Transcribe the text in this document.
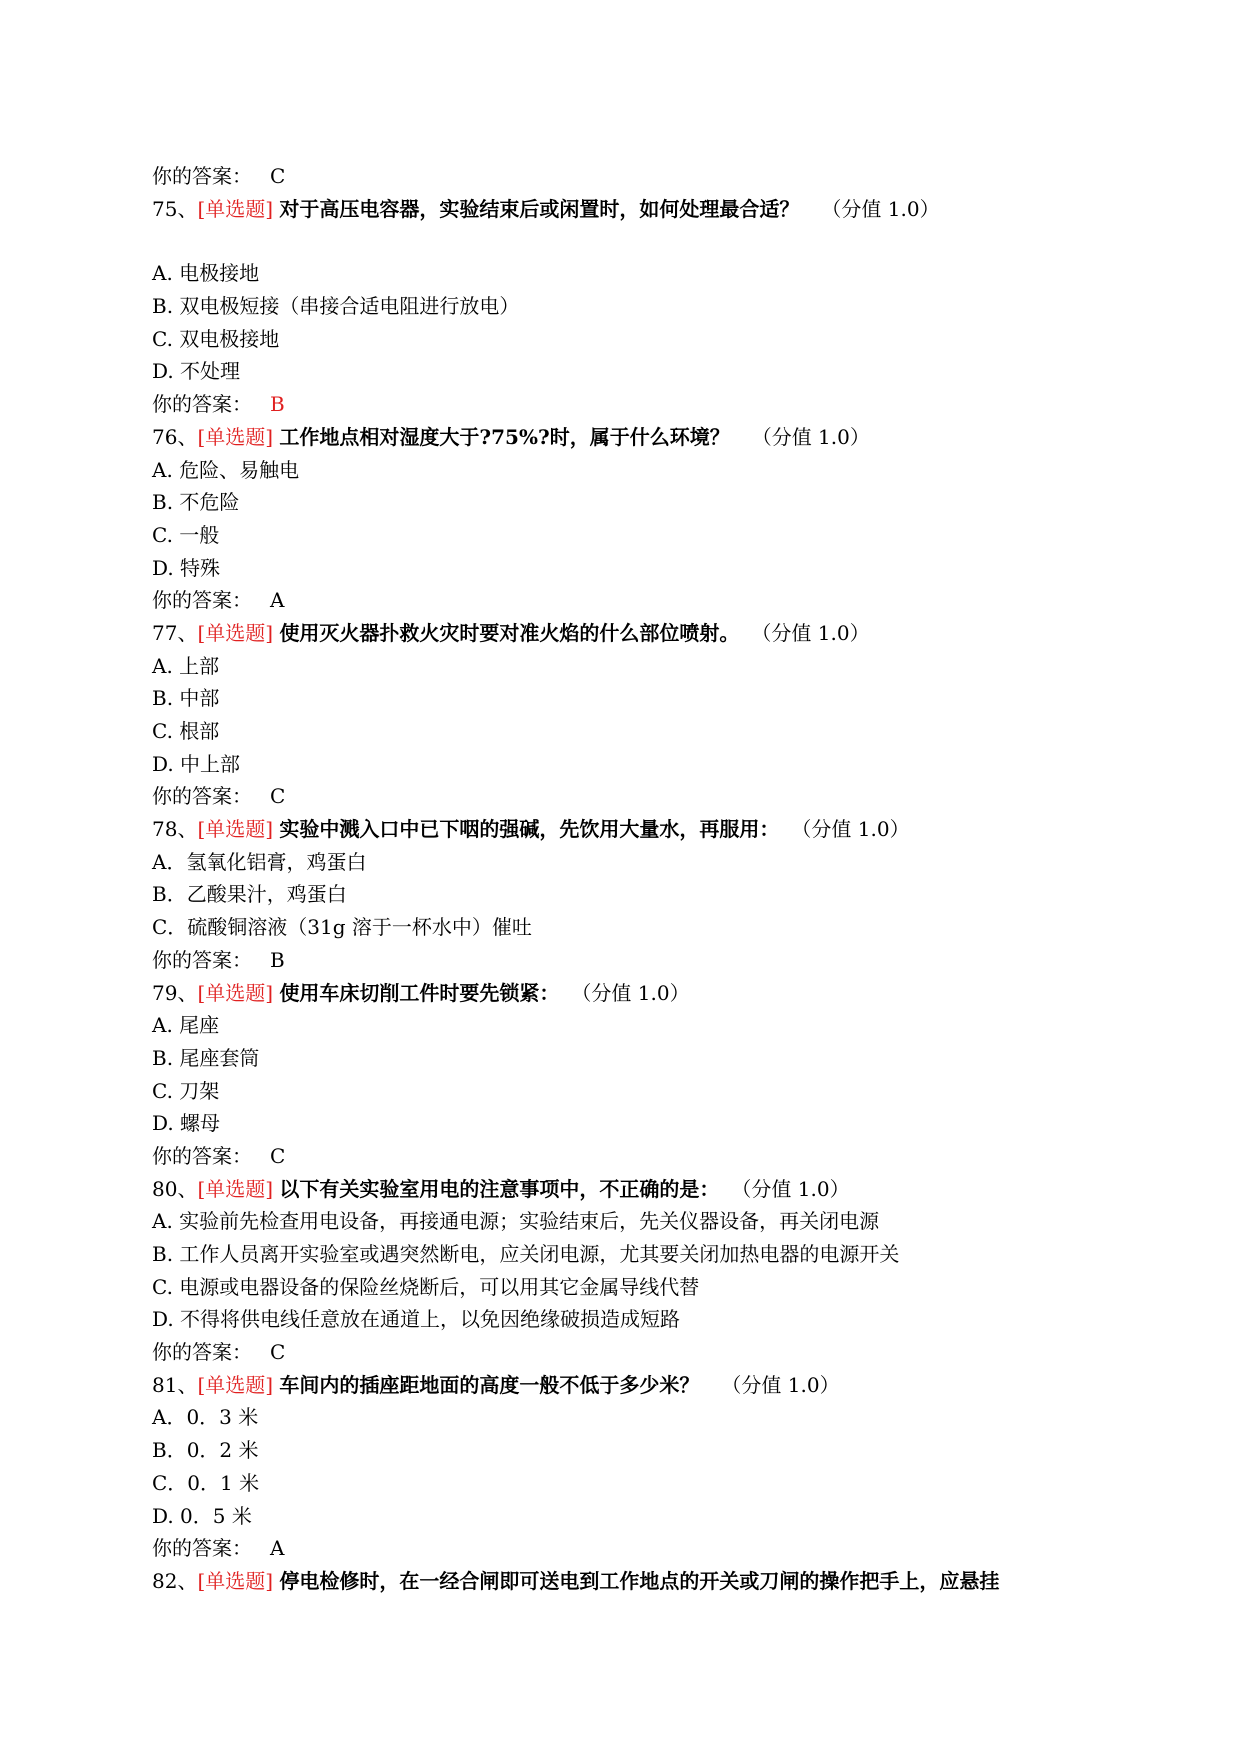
你的答案： C
75、[单选题] 对于高压电容器，实验结束后或闲置时，如何处理最合适？ （分值 1.0）
A. 电极接地
B. 双电极短接（串接合适电阻进行放电）
C. 双电极接地
D. 不处理
你的答案： B
76、[单选题] 工作地点相对湿度大于?75%?时，属于什么环境？ （分值 1.0）
A. 危险、易触电
B. 不危险
C. 一般
D. 特殊
你的答案： A
77、[单选题] 使用灭火器扑救火灾时要对准火焰的什么部位喷射。 （分值 1.0）
A. 上部
B. 中部
C. 根部
D. 中上部
你的答案： C
78、[单选题] 实验中溅入口中已下咽的强碱，先饮用大量水，再服用： （分值 1.0）
A．氢氧化铝膏，鸡蛋白
B．乙酸果汁，鸡蛋白
C．硫酸铜溶液（31g 溶于一杯水中）催吐
你的答案： B
79、[单选题] 使用车床切削工件时要先锁紧： （分值 1.0）
A. 尾座
B. 尾座套筒
C. 刀架
D. 螺母
你的答案： C
80、[单选题] 以下有关实验室用电的注意事项中，不正确的是： （分值 1.0）
A. 实验前先检查用电设备，再接通电源；实验结束后，先关仪器设备，再关闭电源
B. 工作人员离开实验室或遇突然断电，应关闭电源，尤其要关闭加热电器的电源开关
C. 电源或电器设备的保险丝烧断后，可以用其它金属导线代替
D. 不得将供电线任意放在通道上，以免因绝缘破损造成短路
你的答案： C
81、[单选题] 车间内的插座距地面的高度一般不低于多少米？ （分值 1.0）
A．0．3 米
B．0．2 米
C．0．1 米
D. 0．5 米
你的答案： A
82、[单选题] 停电检修时，在一经合闸即可送电到工作地点的开关或刀闸的操作把手上，应悬挂
